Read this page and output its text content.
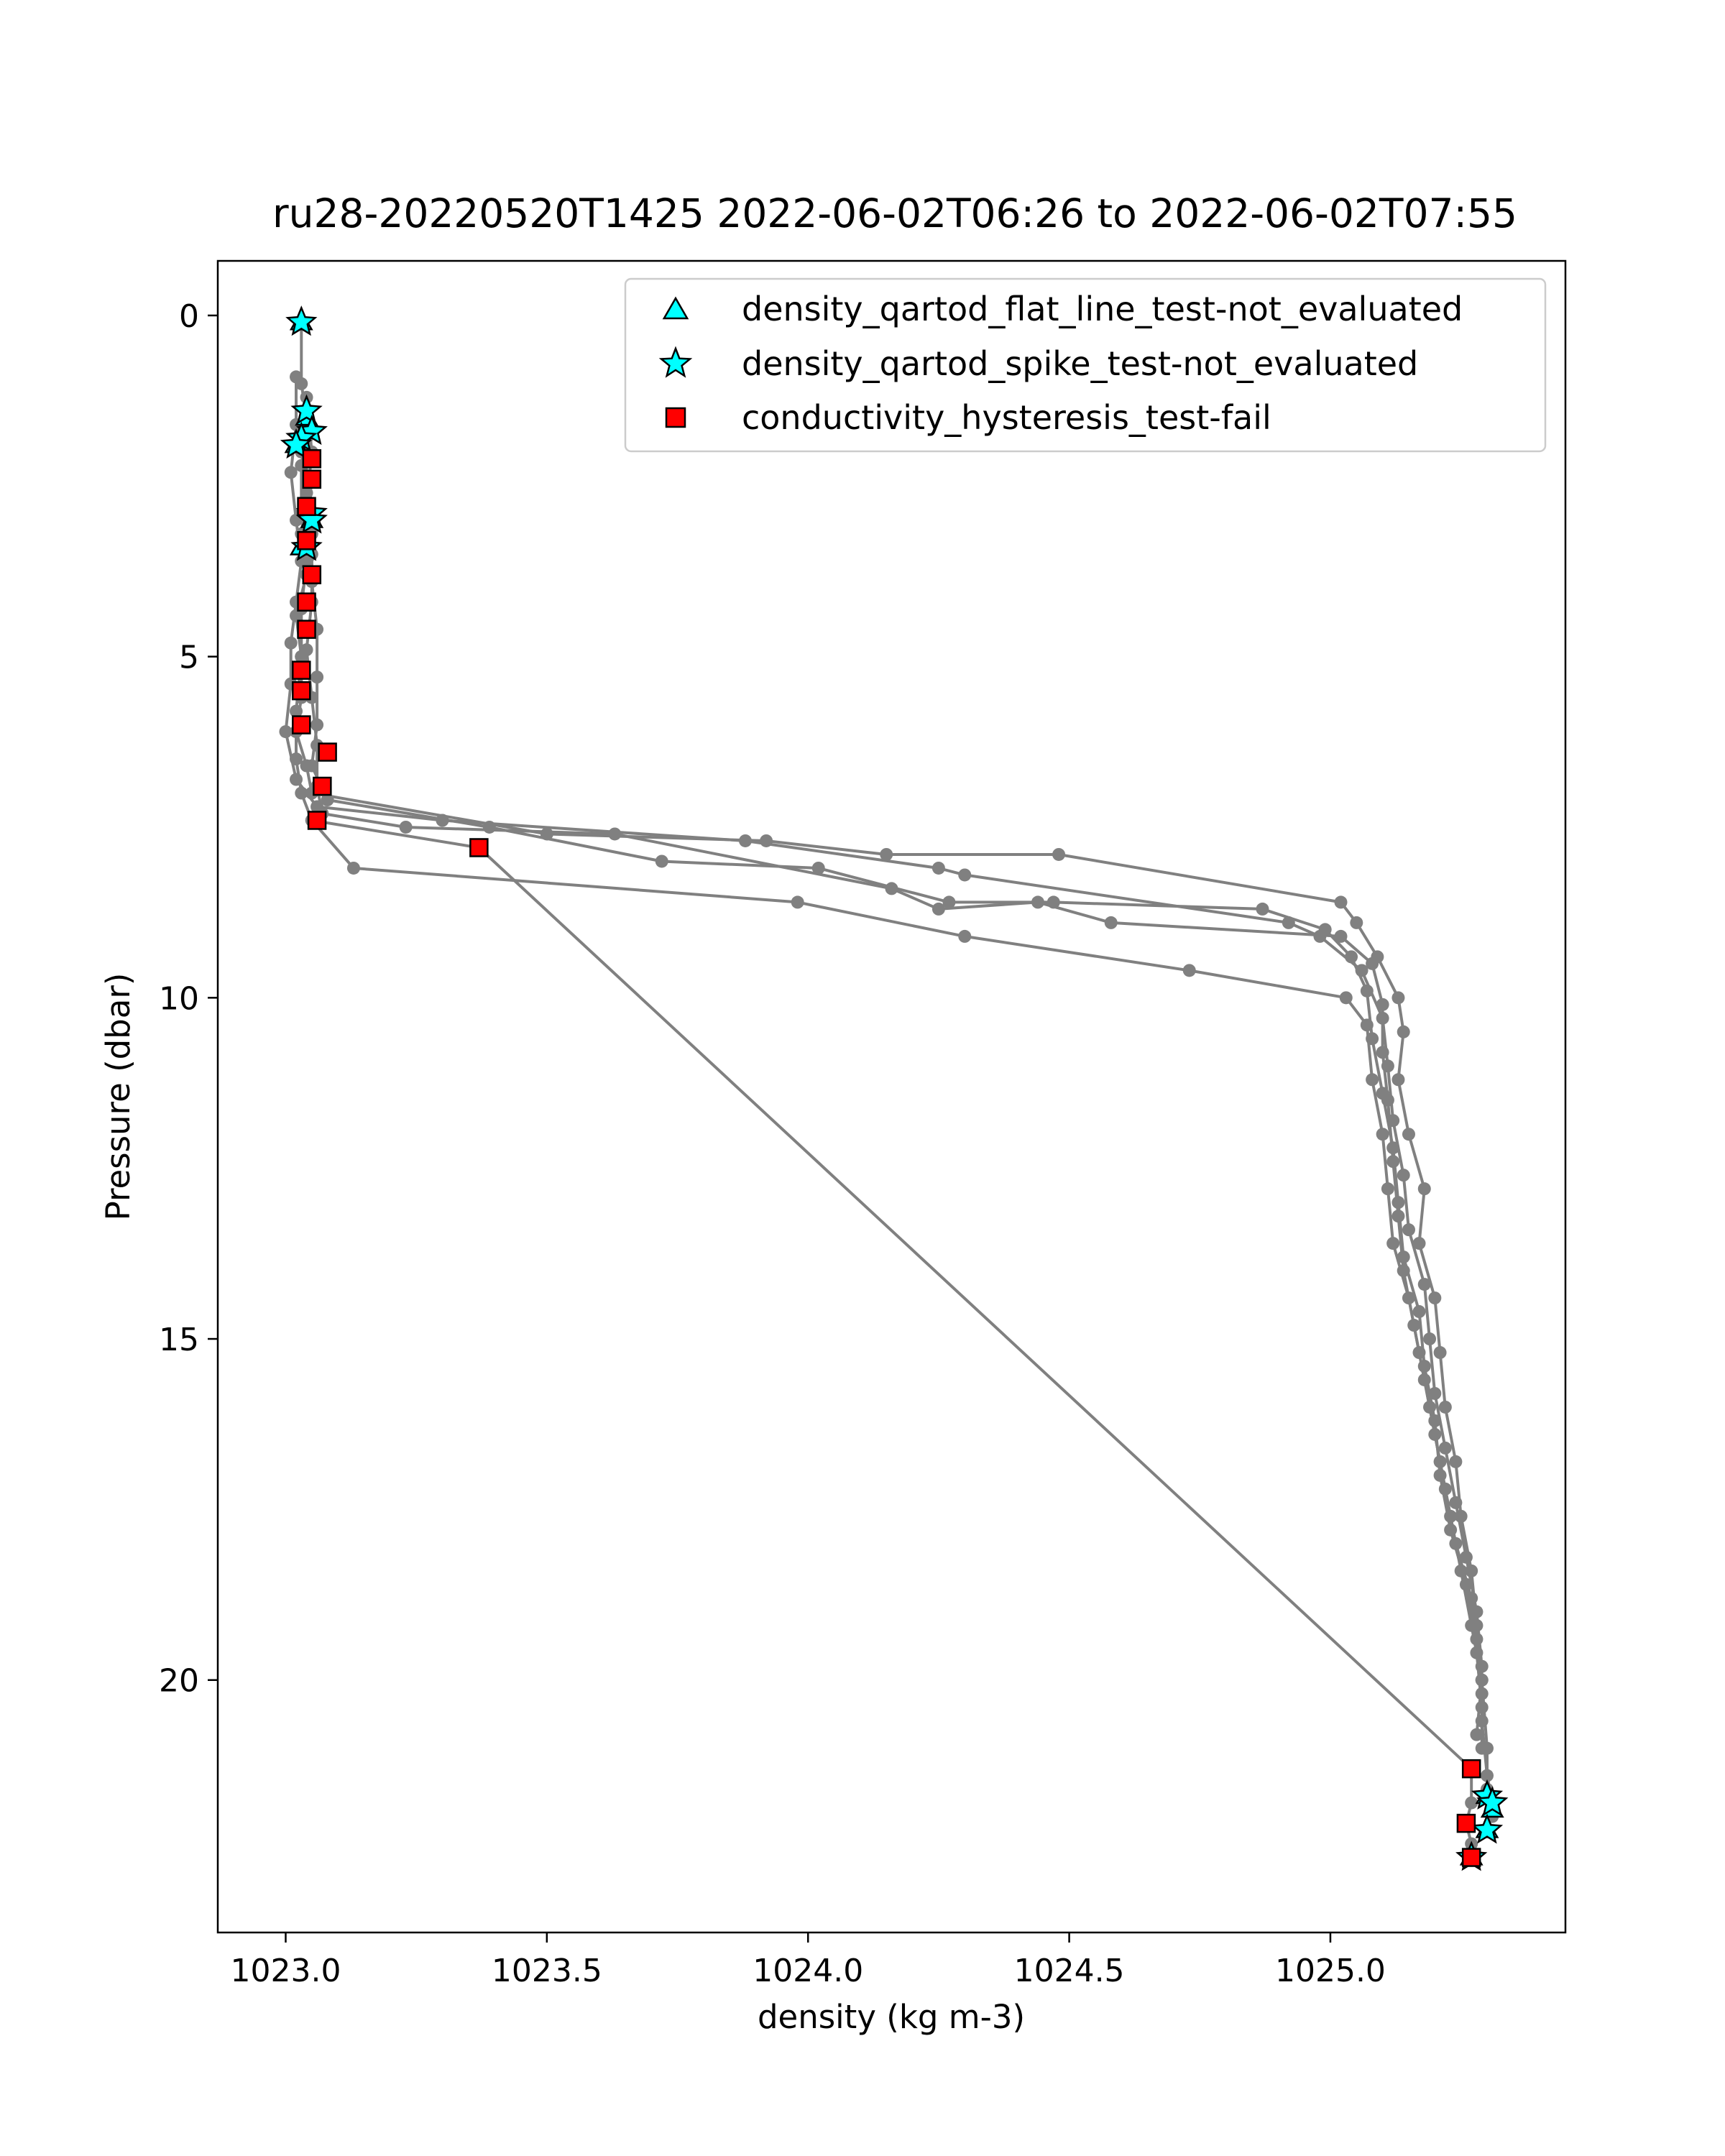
ru28-20220520T1425 2022-06-02T06:26 to 2022-06-02T07:55
1023.0	1023.5	1024.0	1024.5	1025.0
0
5
10
15
20
density (kg m-3)
Pressure (dbar)
density_qartod_flat_line_test-not_evaluated
density_qartod_spike_test-not_evaluated
conductivity_hysteresis_test-fail
